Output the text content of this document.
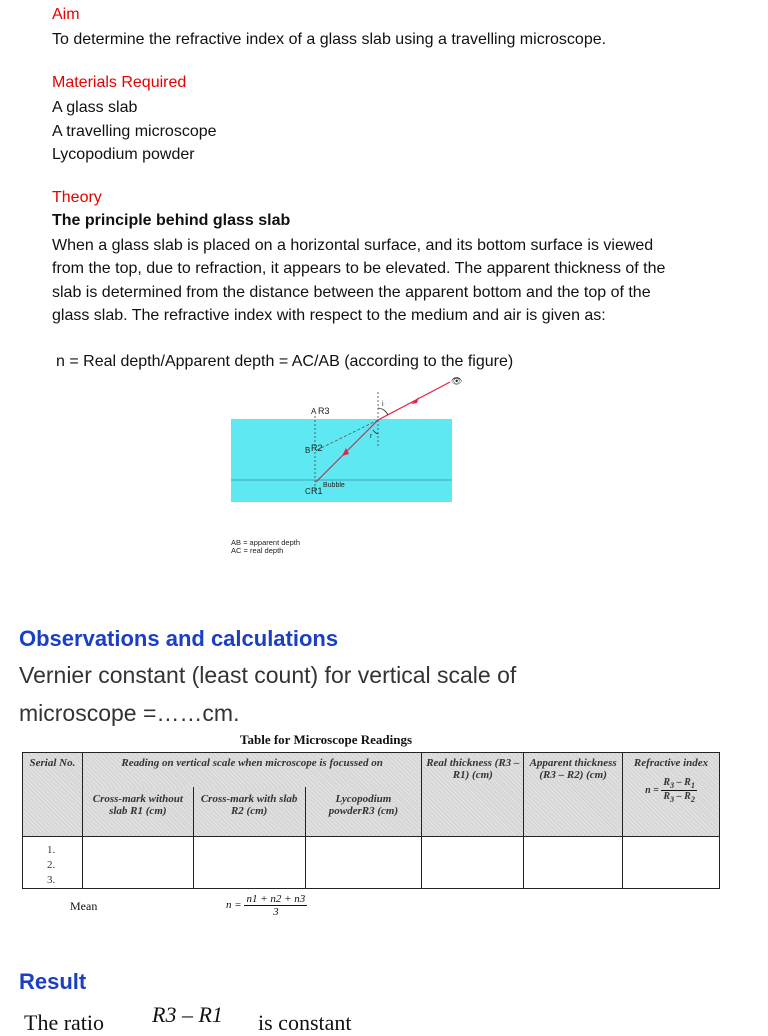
Aim
To determine the refractive index of a glass slab using a travelling microscope.
Materials Required
A glass slab
A travelling microscope
Lycopodium powder
Theory
The principle behind glass slab
When a glass slab is placed on a horizontal surface, and its bottom surface is viewed from the top, due to refraction, it appears to be elevated. The apparent thickness of the slab is determined from the distance between the apparent bottom and the top of the glass slab. The refractive index with respect to the medium and air is given as:
n = Real depth/Apparent depth = AC/AB (according to the figure)
A R3
B R2
C R1
Bubble
i
r
👁
AB = apparent depth
AC = real depth
Observations and calculations
Vernier constant (least count) for vertical scale of
microscope =……cm.
Table for Microscope Readings
Serial No.	Reading on vertical scale when microscope is focussed on			Real thickness (R3 – R1) (cm)	Apparent thickness (R3 – R2) (cm)	Refractive index
$n = \frac{R_3 - R_1}{R_3 - R_2}$

	Cross-mark without slab R1 (cm)	Cross-mark with slab R2 (cm)	Lycopodium powderR3 (cm)			

1.
2.
3.						

Mean	$n = \frac{n1 + n2 + n3}{3}$
Result
The ratio R3 – R1 is constant
